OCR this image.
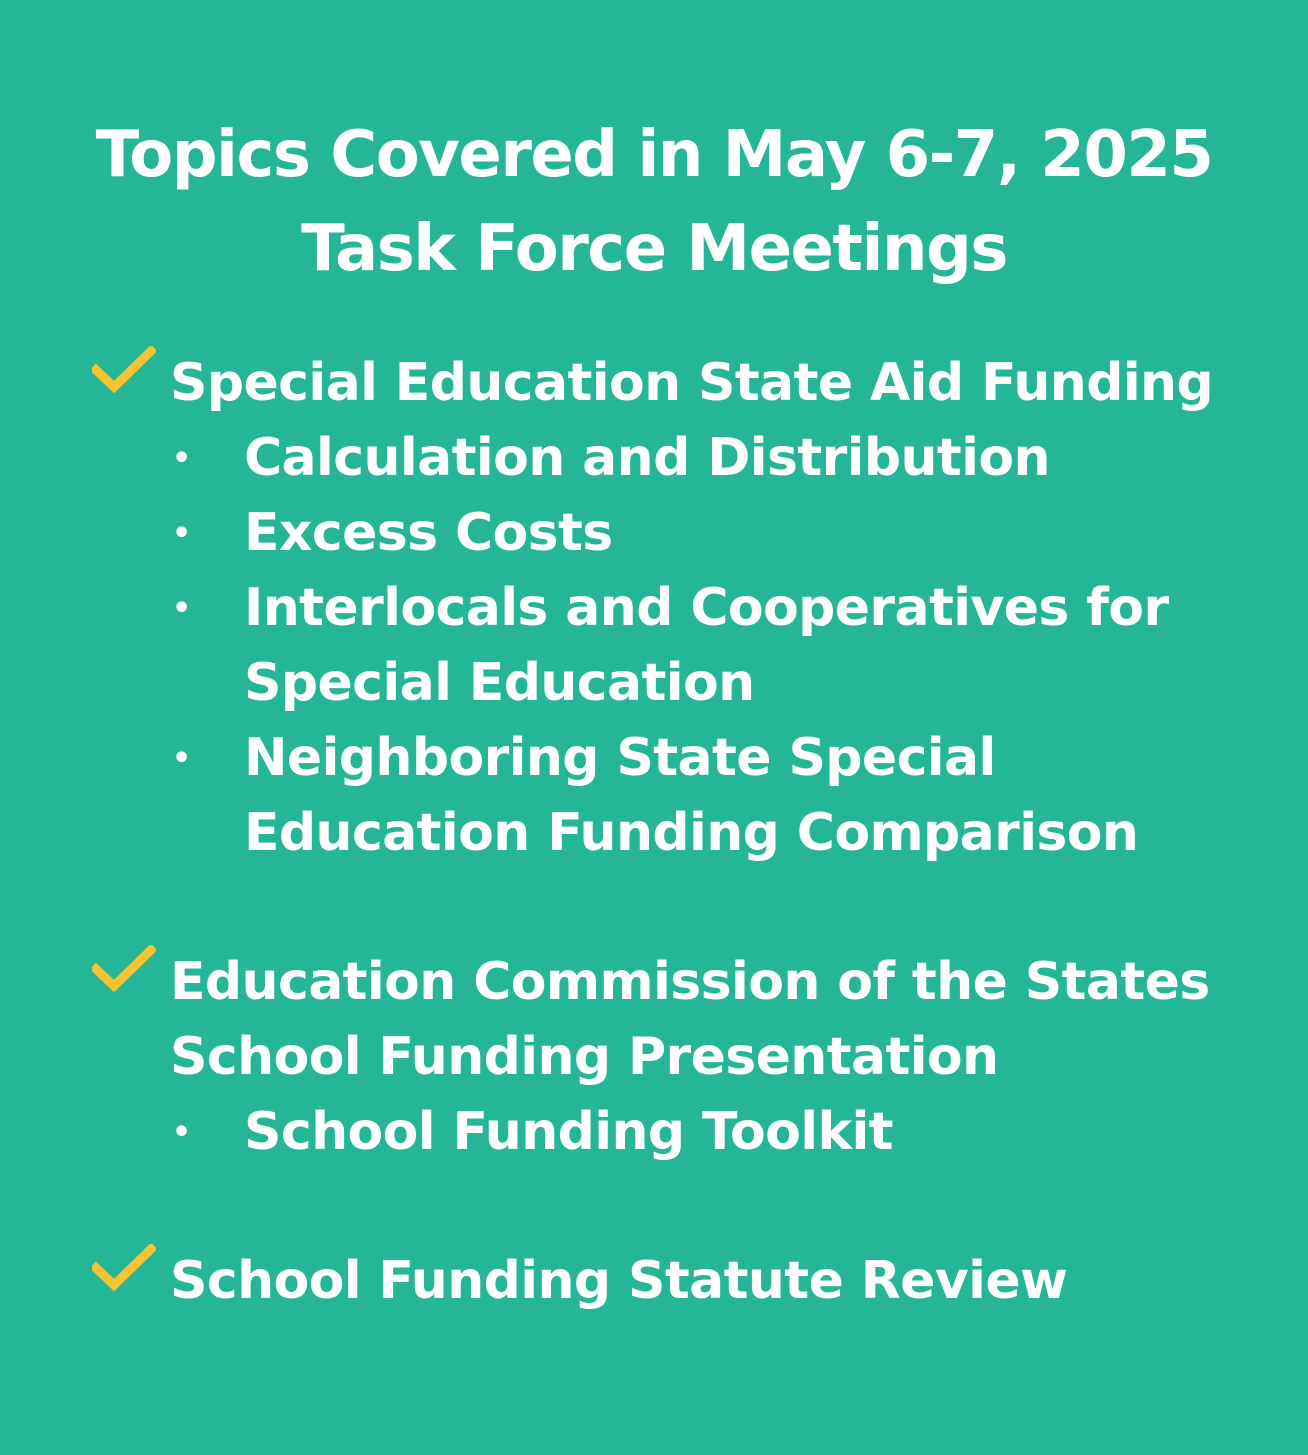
Topics Covered in May 6-7, 2025
Task Force Meetings
Special Education State Aid Funding
• Calculation and Distribution
• Excess Costs
• Interlocals and Cooperatives for
Special Education
• Neighboring State Special
Education Funding Comparison
Education Commission of the States
School Funding Presentation
• School Funding Toolkit
School Funding Statute Review
